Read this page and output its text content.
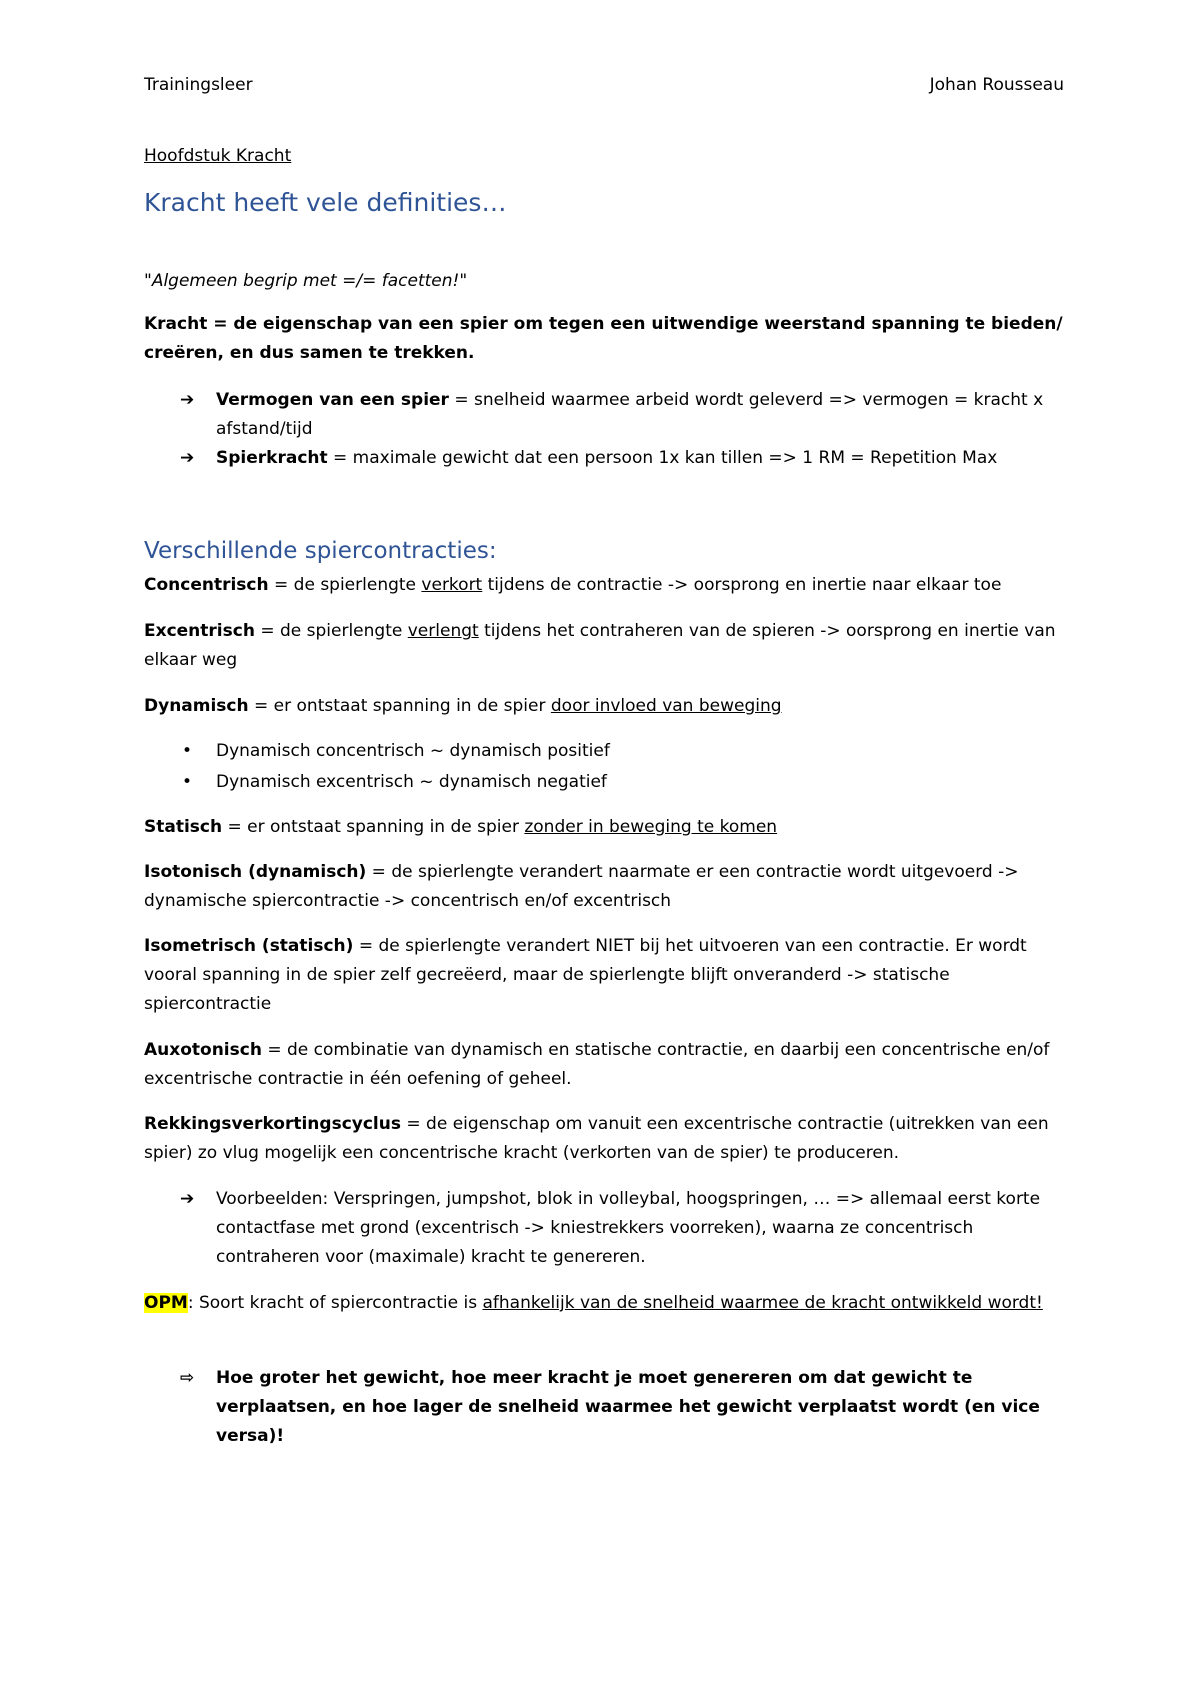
Trainingsleer	Johan Rousseau
Hoofdstuk Kracht
Kracht heeft vele definities…
"Algemeen begrip met =/= facetten!"
Kracht = de eigenschap van een spier om tegen een uitwendige weerstand spanning te bieden/ creëren, en dus samen te trekken.
➔	Vermogen van een spier = snelheid waarmee arbeid wordt geleverd => vermogen = kracht x afstand/tijd
➔	Spierkracht = maximale gewicht dat een persoon 1x kan tillen => 1 RM = Repetition Max
Verschillende spiercontracties:
Concentrisch = de spierlengte verkort tijdens de contractie -> oorsprong en inertie naar elkaar toe
Excentrisch = de spierlengte verlengt tijdens het contraheren van de spieren -> oorsprong en inertie van elkaar weg
Dynamisch = er ontstaat spanning in de spier door invloed van beweging
• Dynamisch concentrisch ~ dynamisch positief
• Dynamisch excentrisch ~ dynamisch negatief
Statisch = er ontstaat spanning in de spier zonder in beweging te komen
Isotonisch (dynamisch) = de spierlengte verandert naarmate er een contractie wordt uitgevoerd -> dynamische spiercontractie -> concentrisch en/of excentrisch
Isometrisch (statisch) = de spierlengte verandert NIET bij het uitvoeren van een contractie. Er wordt vooral spanning in de spier zelf gecreëerd, maar de spierlengte blijft onveranderd -> statische spiercontractie
Auxotonisch = de combinatie van dynamisch en statische contractie, en daarbij een concentrische en/of excentrische contractie in één oefening of geheel.
Rekkingsverkortingscyclus = de eigenschap om vanuit een excentrische contractie (uitrekken van een spier) zo vlug mogelijk een concentrische kracht (verkorten van de spier) te produceren.
➔	Voorbeelden: Verspringen, jumpshot, blok in volleybal, hoogspringen, … => allemaal eerst korte contactfase met grond (excentrisch -> kniestrekkers voorreken), waarna ze concentrisch contraheren voor (maximale) kracht te genereren.
OPM: Soort kracht of spiercontractie is afhankelijk van de snelheid waarmee de kracht ontwikkeld wordt!
⇨	Hoe groter het gewicht, hoe meer kracht je moet genereren om dat gewicht te verplaatsen, en hoe lager de snelheid waarmee het gewicht verplaatst wordt (en vice versa)!
